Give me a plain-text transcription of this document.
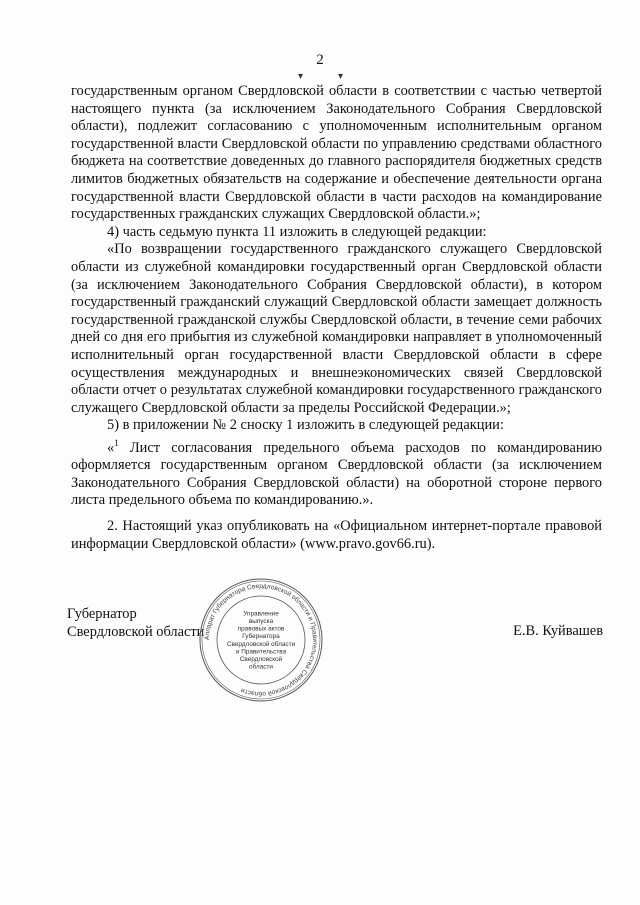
2
▾	▾

государственным органом Свердловской области в соответствии с частью четвертой настоящего пункта (за исключением Законодательного Собрания Свердловской области), подлежит согласованию с уполномоченным исполнительным органом государственной власти Свердловской области по управлению средствами областного бюджета на соответствие доведенных до главного распорядителя бюджетных средств лимитов бюджетных обязательств на содержание и обеспечение деятельности органа государственной власти Свердловской области в части расходов на командирование государственных гражданских служащих Свердловской области.»;

4) часть седьмую пункта 11 изложить в следующей редакции:

«По возвращении государственного гражданского служащего Свердловской области из служебной командировки государственный орган Свердловской области (за исключением Законодательного Собрания Свердловской области), в котором государственный гражданский служащий Свердловской области замещает должность государственной гражданской службы Свердловской области, в течение семи рабочих дней со дня его прибытия из служебной командировки направляет в уполномоченный исполнительный орган государственной власти Свердловской области в сфере осуществления международных и внешнеэкономических связей Свердловской области отчет о результатах служебной командировки государственного гражданского служащего Свердловской области за пределы Российской Федерации.»;

5) в приложении № 2 сноску 1 изложить в следующей редакции:

«$^1$ Лист согласования предельного объема расходов по командированию оформляется государственным органом Свердловской области (за исключением Законодательного Собрания Свердловской области) на оборотной стороне первого листа предельного объема по командированию.».

2. Настоящий указ опубликовать на «Официальном интернет-портале правовой информации Свердловской области» (www.pravo.gov66.ru).

Губернатор
Свердловской области Аппарат Губернатора Свердловской области и Правительства Свердловской области
Управление
выпуска
правовых актов
Губернатора
Свердловской области
и Правительства
Свердловской
области
Е.В. Куйвашев
